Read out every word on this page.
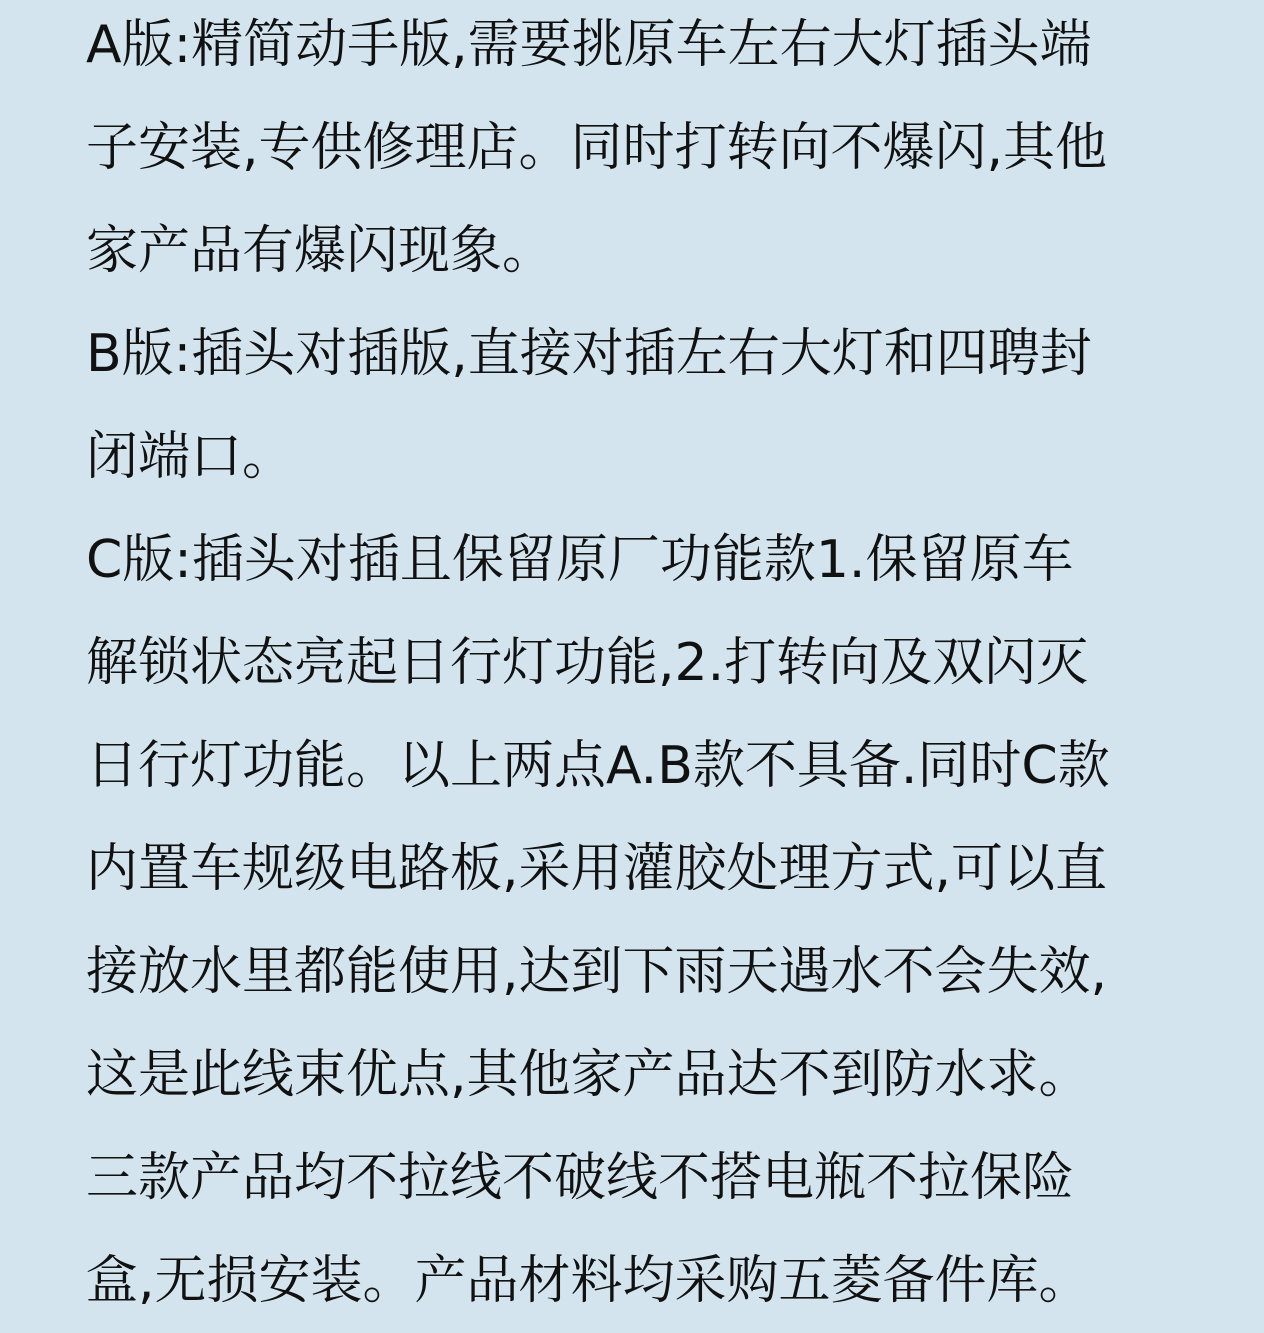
A版:精简动手版,需要挑原车左右大灯插头端
子安装,专供修理店。同时打转向不爆闪,其他
家产品有爆闪现象。
B版:插头对插版,直接对插左右大灯和四聘封
闭端口。
C版:插头对插且保留原厂功能款1.保留原车
解锁状态亮起日行灯功能,2.打转向及双闪灭
日行灯功能。以上两点A.B款不具备.同时C款
内置车规级电路板,采用灌胶处理方式,可以直
接放水里都能使用,达到下雨天遇水不会失效,
这是此线束优点,其他家产品达不到防水求。
三款产品均不拉线不破线不搭电瓶不拉保险
盒,无损安装。产品材料均采购五菱备件库。
